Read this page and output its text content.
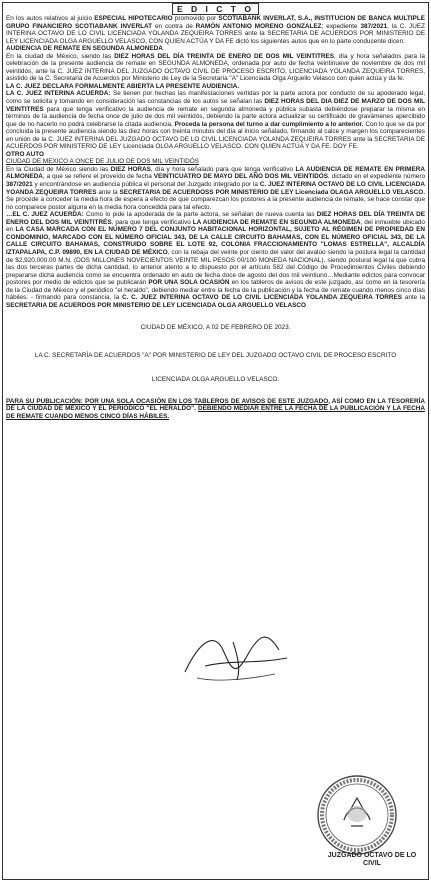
E D I C T O

En los autos relativos al juicio ESPECIAL HIPOTECARIO promovido por SCOTIABANK INVERLAT, S.A., INSTITUCION DE BANCA MULTIPLE GRUPO FINANCIERO SCOTIABANK INVERLAT en contra de RAMÓN ANTONIO MORENO GONZALEZ; expediente 387/2021, la C. JUEZ INTERINA OCTAVO DE LO CIVIL LICENCIADA YOLANDA ZEQUEIRA TORRES ante la SECRETARIA DE ACUERDOS POR MINISTERIO DE LEY LICENCIADA OLGA ARGUELLO VELASCO, CON QUIEN ACTÚA Y DA FE dictó los siguientes autos que en lo parte conducente dicen:

AUDIENCIA DE REMATE EN SEGUNDA ALMONEDA

En la ciudad de México, siendo las DIEZ HORAS DEL DÍA TREINTA DE ENERO DE DOS MIL VEINTITRES, día y hora señalados para la celebración de la presente audiencia de remate en SEGUNDA ALMONEDA, ordenada por auto de fecha veintinueve de noviembre de dos mil veintidós, ante la C. JUEZ INTERINA DEL JUZGADO OCTAVO CIVIL DE PROCESO ESCRITO, LICENCIADA YOLANDA ZEQUEIRA TORRES, asistido de la C. Secretaria de Acuerdos por Ministerio de Ley de la Secretaría "A" Licenciada Olga Arguello Velasco con quien actúa y da fe.

LA C. JUEZ DECLARA FORMALMENTE ABIERTA LA PRESENTE AUDIENCIA.

LA C. JUEZ INTERINA ACUERDA: Se tienen por hechas las manifestaciones vertidas por la parte actora por conducto de su apoderado legal, como se solicita y tomando en consideración las constancias de los autos se señalan las DIEZ HORAS DEL DIA DIEZ DE MARZO DE DOS MIL VEINTITRES para que tenga verificativo la audiencia de remate en segunda almoneda y pública subasta debiéndose preparar la misma en términos de la audiencia de fecha once de julio de dos mil veintidós, debiendo la parte actora actualizar su certificado de gravámenes apercibido que de no hacerlo no podrá celebrarse la citada audiencia. Proceda la persona del turno a dar cumplimiento a lo anterior. Con lo que se da por concluida la presente audiencia siendo las diez horas con treinta minutos del día al inicio señalado, firmando al calce y margen los comparecientes en unión de la C. JUEZ INTERINA DEL JUZGADO OCTAVO DE LO CIVIL LICENCIADA YOLANDA ZEQUEIRA TORRES ante la SECRETARIA DE ACUERDOS POR MINISTERIO DE LEY Licenciada OLGA ARGUELLO VELASCO. CON QUIEN ACTÚA Y DA FE. DOY FE.

OTRO AUTO

CIUDAD DE MEXICO A ONCE DE JULIO DE DOS MIL VEINTIDÓS

En la Ciudad de México siendo las DIEZ HORAS, día y hora señalado para que tenga verificativo LA AUDIENCIA DE REMATE EN PRIMERA ALMONEDA, a que se refiere el proveído de fecha VEINTICUATRO DE MAYO DEL AÑO DOS MIL VEINTIDÓS, dictado en el expediente número 387/2021 y encontrándose en audiencia pública el personal del Juzgado integrado por la C. JUEZ INTERINA OCTAVO DE LO CIVIL LICENCIADA YOANDA ZEQUEIRA TORRES ante la SECRETARIA DE ACUERDOSS POR MINISTERIO DE LEY Licenciada OLAGA ARGUELLO VELASCO. Se procede a conceder la media hora de espera a efecto de que comparezcan los postores a la presente audiencia de remate, se hace constar que no comparece postor alguna en la media hora concedida para tal efecto.

…EL C. JUEZ ACUERDA: Como lo pide la apoderada de la parte actora, se señalan de nueva cuenta las DIEZ HORAS DEL DÍA TREINTA DE ENERO DEL DOS MIL VEINTITRÉS, para que tenga verificativo LA AUDIENCIA DE REMATE EN SEGUNDA ALMONEDA, del inmueble ubicado en LA CASA MARCADA CON EL NÚMERO 7 DEL CONJUNTO HABITACIONAL HORIZONTAL, SUJETO AL RÉGIMEN DE PROPIEDAD EN CONDOMINIO, MARCADO CON EL NÚMERO OFICIAL 343, DE LA CALLE CIRCUITO BAHAMAS, CON EL NÚMERO OFICIAL 343, DE LA CALLE CIRCUITO BAHAMAS, CONSTRUIDO SOBRE EL LOTE 92, COLONIA FRACCIONAMIENTO "LOMAS ESTRELLA", ALCALDÍA IZTAPALAPA, C.P. 09890, EN LA CIUDAD DE MÉXICO, con la rebaja del veinte por ciento del valor del avalúo siendo la postura legal la cantidad de $2,920,000.00 M.N. (DOS MILLONES NOVECIENTOS VEINTE MIL PESOS 00/100 MONEDA NACIONAL), siendo postural legal la que cubra las dos terceras partes de dicha cantidad, lo anterior atento a lo dispuesto por el artículo 582 del Código de Procedimientos Civiles debiendo prepararse dicha audiencia como se encuentra ordenado en auto de fecha doce de agosto del dos mil veintiuno…Mediante edictos para convocar postores por medio de edictos que se publicarán POR UNA SOLA OCASIÓN en los tableros de avisos de este juzgado, así como en la tesorería de la Ciudad de México y el periódico "el heraldo", debiendo mediar entre la fecha de la publicación y la fecha de remate cuando menos cinco días hábiles. - firmando para constancia, la C. C. JUEZ INTERINA OCTAVO DE LO CIVIL LICENCIADA YOLANDA ZEQUEIRA TORRES ante la SECRETARIA DE ACUERDOS POR MINISTERIO DE LEY LICENCIADA OLGA ARGUELLO VELASCO

CIUDAD DE MÉXICO, A 02 DE FEBRERO DE 2023.

LA C. SECRETARÍA DE ACUERDOS "A" POR MINISTERIO DE LEY DEL JUZGADO OCTAVO CIVIL DE PROCESO ESCRITO

LICENCIADA OLGA ARGUELLO VELASCO.

PARA SU PUBLICACIÓN: POR UNA SOLA OCASIÓN EN LOS TABLEROS DE AVISOS DE ESTE JUZGADO, ASÍ COMO EN LA TESORERÍA DE LA CIUDAD DE MÉXICO Y EL PERIÓDICO "EL HERALDO". DEBIENDO MEDIAR ENTRE LA FECHA DE LA PUBLICACIÓN Y LA FECHA DE REMATE CUANDO MENOS CINCO DÍAS HÁBILES.

JUZGADO OCTAVO DE LO CIVIL
